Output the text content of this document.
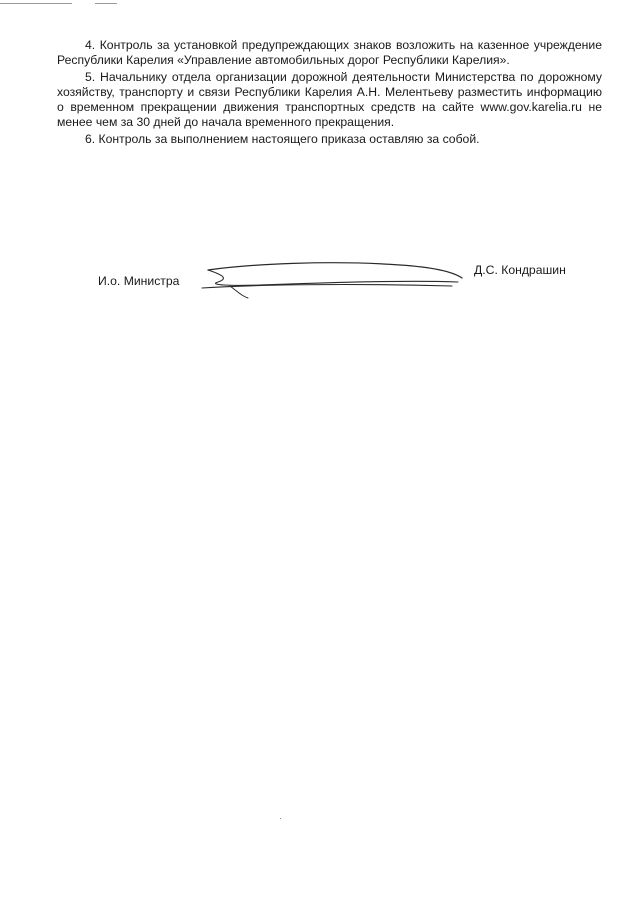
4. Контроль за установкой предупреждающих знаков возложить на казенное учреждение Республики Карелия «Управление автомобильных дорог Республики Карелия».

5. Начальнику отдела организации дорожной деятельности Министерства по дорожному хозяйству, транспорту и связи Республики Карелия А.Н. Мелентьеву разместить информацию о временном прекращении движения транспортных средств на сайте www.gov.karelia.ru не менее чем за 30 дней до начала временного прекращения.

6. Контроль за выполнением настоящего приказа оставляю за собой.

И.о. Министра
Д.С. Кондрашин
